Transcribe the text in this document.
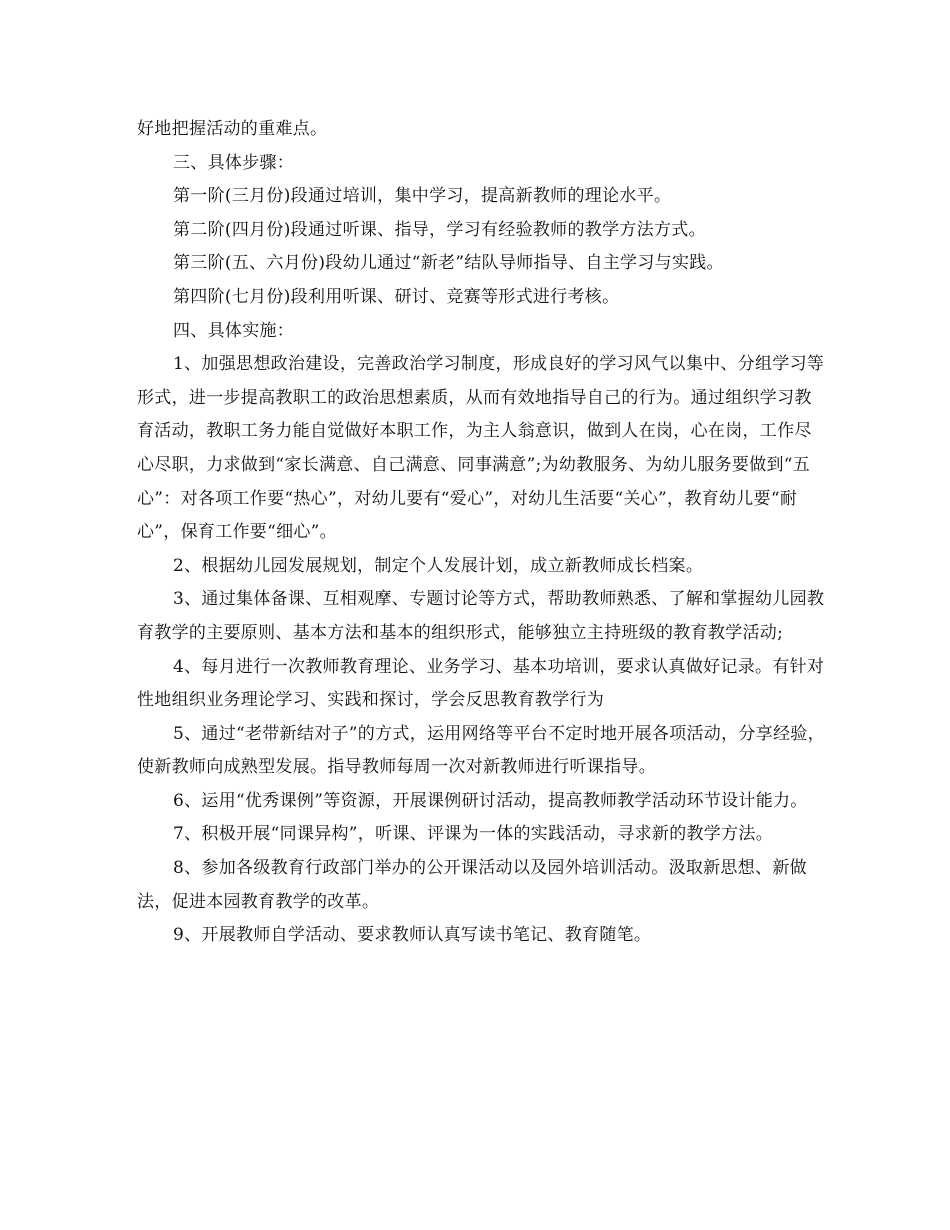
好地把握活动的重难点。

三、具体步骤：

第一阶(三月份)段通过培训，集中学习，提高新教师的理论水平。

第二阶(四月份)段通过听课、指导，学习有经验教师的教学方法方式。

第三阶(五、六月份)段幼儿通过“新老”结队导师指导、自主学习与实践。

第四阶(七月份)段利用听课、研讨、竞赛等形式进行考核。

四、具体实施：

1、加强思想政治建设，完善政治学习制度，形成良好的学习风气以集中、分组学习等形式，进一步提高教职工的政治思想素质，从而有效地指导自己的行为。通过组织学习教育活动，教职工务力能自觉做好本职工作，为主人翁意识，做到人在岗，心在岗，工作尽心尽职，力求做到“家长满意、自己满意、同事满意”;为幼教服务、为幼儿服务要做到“五心”：对各项工作要“热心”，对幼儿要有“爱心”，对幼儿生活要“关心”，教育幼儿要“耐心”，保育工作要“细心”。

2、根据幼儿园发展规划，制定个人发展计划，成立新教师成长档案。

3、通过集体备课、互相观摩、专题讨论等方式，帮助教师熟悉、了解和掌握幼儿园教育教学的主要原则、基本方法和基本的组织形式，能够独立主持班级的教育教学活动;

4、每月进行一次教师教育理论、业务学习、基本功培训，要求认真做好记录。有针对性地组织业务理论学习、实践和探讨，学会反思教育教学行为

5、通过“老带新结对子”的方式，运用网络等平台不定时地开展各项活动，分享经验，使新教师向成熟型发展。指导教师每周一次对新教师进行听课指导。

6、运用“优秀课例”等资源，开展课例研讨活动，提高教师教学活动环节设计能力。

7、积极开展“同课异构”，听课、评课为一体的实践活动，寻求新的教学方法。

8、参加各级教育行政部门举办的公开课活动以及园外培训活动。汲取新思想、新做法，促进本园教育教学的改革。

9、开展教师自学活动、要求教师认真写读书笔记、教育随笔。
